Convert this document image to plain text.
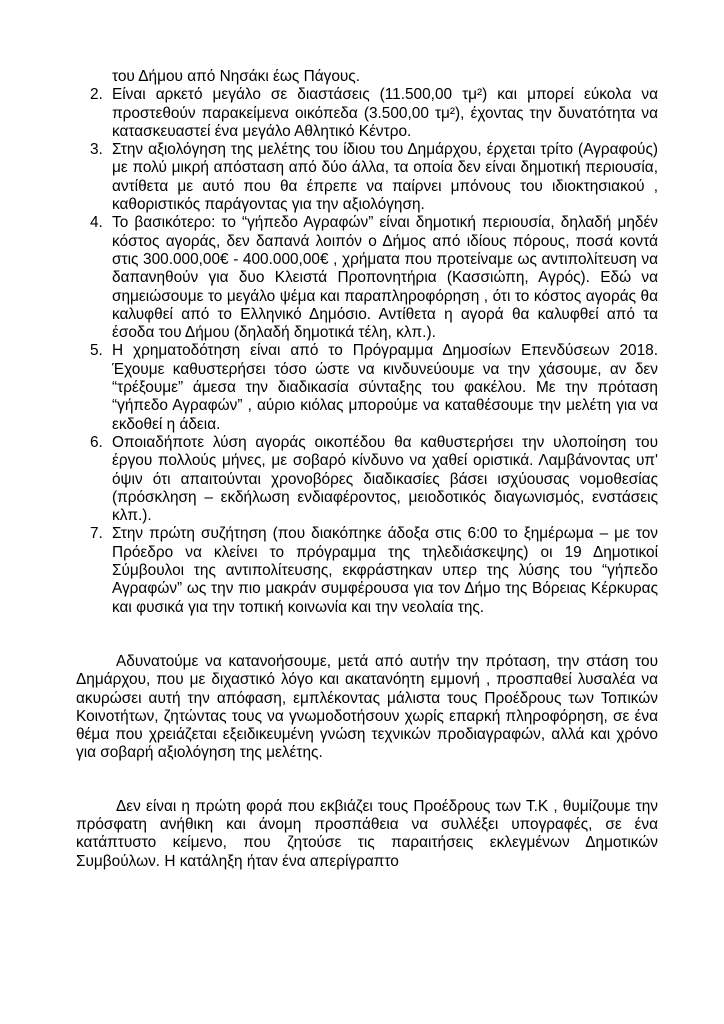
του Δήμου από Νησάκι έως Πάγους.

2. Είναι αρκετό μεγάλο σε διαστάσεις (11.500,00 τμ²) και μπορεί εύκολα να προστεθούν παρακείμενα οικόπεδα (3.500,00 τμ²), έχοντας την δυνατότητα να κατασκευαστεί ένα μεγάλο Αθλητικό Κέντρο.
3. Στην αξιολόγηση της μελέτης του ίδιου του Δημάρχου, έρχεται τρίτο (Αγραφούς) με πολύ μικρή απόσταση από δύο άλλα, τα οποία δεν είναι δημοτική περιουσία, αντίθετα με αυτό που θα έπρεπε να παίρνει μπόνους του ιδιοκτησιακού , καθοριστικός παράγοντας για την αξιολόγηση.
4. Το βασικότερο: το “γήπεδο Αγραφών” είναι δημοτική περιουσία, δηλαδή μηδέν κόστος αγοράς, δεν δαπανά λοιπόν ο Δήμος από ιδίους πόρους, ποσά κοντά στις 300.000,00€ - 400.000,00€ , χρήματα που προτείναμε ως αντιπολίτευση να δαπανηθούν για δυο Κλειστά Προπονητήρια (Κασσιώπη, Αγρός). Εδώ να σημειώσουμε το μεγάλο ψέμα και παραπληροφόρηση , ότι το κόστος αγοράς θα καλυφθεί από το Ελληνικό Δημόσιο. Αντίθετα η αγορά θα καλυφθεί από τα έσοδα του Δήμου (δηλαδή δημοτικά τέλη, κλπ.).
5. Η χρηματοδότηση είναι από το Πρόγραμμα Δημοσίων Επενδύσεων 2018. Έχουμε καθυστερήσει τόσο ώστε να κινδυνεύουμε να την χάσουμε, αν δεν “τρέξουμε” άμεσα την διαδικασία σύνταξης του φακέλου. Με την πρόταση “γήπεδο Αγραφών” , αύριο κιόλας μπορούμε να καταθέσουμε την μελέτη για να εκδοθεί η άδεια.
6. Οποιαδήποτε λύση αγοράς οικοπέδου θα καθυστερήσει την υλοποίηση του έργου πολλούς μήνες, με σοβαρό κίνδυνο να χαθεί οριστικά. Λαμβάνοντας υπ' όψιν ότι απαιτούνται χρονοβόρες διαδικασίες βάσει ισχύουσας νομοθεσίας (πρόσκληση – εκδήλωση ενδιαφέροντος, μειοδοτικός διαγωνισμός, ενστάσεις κλπ.).
7. Στην πρώτη συζήτηση (που διακόπηκε άδοξα στις 6:00 το ξημέρωμα – με τον Πρόεδρο να κλείνει το πρόγραμμα της τηλεδιάσκεψης) οι 19 Δημοτικοί Σύμβουλοι της αντιπολίτευσης, εκφράστηκαν υπερ της λύσης του “γήπεδο Αγραφών” ως την πιο μακράν συμφέρουσα για τον Δήμο της Βόρειας Κέρκυρας και φυσικά για την τοπική κοινωνία και την νεολαία της.

Αδυνατούμε να κατανοήσουμε, μετά από αυτήν την πρόταση, την στάση του Δημάρχου, που με διχαστικό λόγο και ακατανόητη εμμονή , προσπαθεί λυσαλέα να ακυρώσει αυτή την απόφαση, εμπλέκοντας μάλιστα τους Προέδρους των Τοπικών Κοινοτήτων, ζητώντας τους να γνωμοδοτήσουν χωρίς επαρκή πληροφόρηση, σε ένα θέμα που χρειάζεται εξειδικευμένη γνώση τεχνικών προδιαγραφών, αλλά και χρόνο για σοβαρή αξιολόγηση της μελέτης.

Δεν είναι η πρώτη φορά που εκβιάζει τους Προέδρους των Τ.Κ , θυμίζουμε την πρόσφατη ανήθικη και άνομη προσπάθεια να συλλέξει υπογραφές, σε ένα κατάπτυστο κείμενο, που ζητούσε τις παραιτήσεις εκλεγμένων Δημοτικών Συμβούλων. Η κατάληξη ήταν ένα απερίγραπτο
